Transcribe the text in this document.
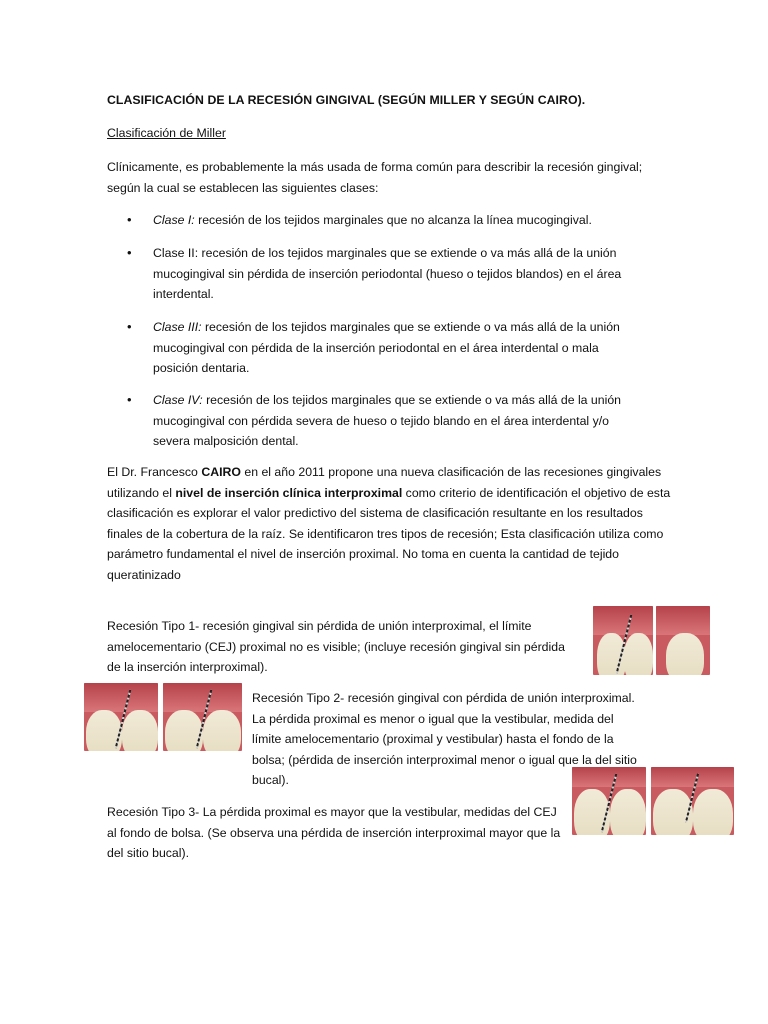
CLASIFICACIÓN DE LA RECESIÓN GINGIVAL (SEGÚN MILLER Y SEGÚN CAIRO).
Clasificación de Miller
Clínicamente, es probablemente la más usada de forma común para describir la recesión gingival; según la cual se establecen las siguientes clases:
• Clase I: recesión de los tejidos marginales que no alcanza la línea mucogingival.
• Clase II: recesión de los tejidos marginales que se extiende o va más allá de la unión mucogingival sin pérdida de inserción periodontal (hueso o tejidos blandos) en el área interdental.
• Clase III: recesión de los tejidos marginales que se extiende o va más allá de la unión mucogingival con pérdida de la inserción periodontal en el área interdental o mala posición dentaria.
• Clase IV: recesión de los tejidos marginales que se extiende o va más allá de la unión mucogingival con pérdida severa de hueso o tejido blando en el área interdental y/o severa malposición dental.
El Dr. Francesco CAIRO en el año 2011 propone una nueva clasificación de las recesiones gingivales utilizando el nivel de inserción clínica interproximal como criterio de identificación el objetivo de esta clasificación es explorar el valor predictivo del sistema de clasificación resultante en los resultados finales de la cobertura de la raíz. Se identificaron tres tipos de recesión; Esta clasificación utiliza como parámetro fundamental el nivel de inserción proximal. No toma en cuenta la cantidad de tejido queratinizado
Recesión Tipo 1- recesión gingival sin pérdida de unión interproximal, el límite amelocementario (CEJ) proximal no es visible; (incluye recesión gingival sin pérdida de la inserción interproximal).
Recesión Tipo 2- recesión gingival con pérdida de unión interproximal. La pérdida proximal es menor o igual que la vestibular, medida del límite amelocementario (proximal y vestibular) hasta el fondo de la bolsa; (pérdida de inserción interproximal menor o igual que la del sitio bucal).
Recesión Tipo 3- La pérdida proximal es mayor que la vestibular, medidas del CEJ al fondo de bolsa. (Se observa una pérdida de inserción interproximal mayor que la del sitio bucal).
